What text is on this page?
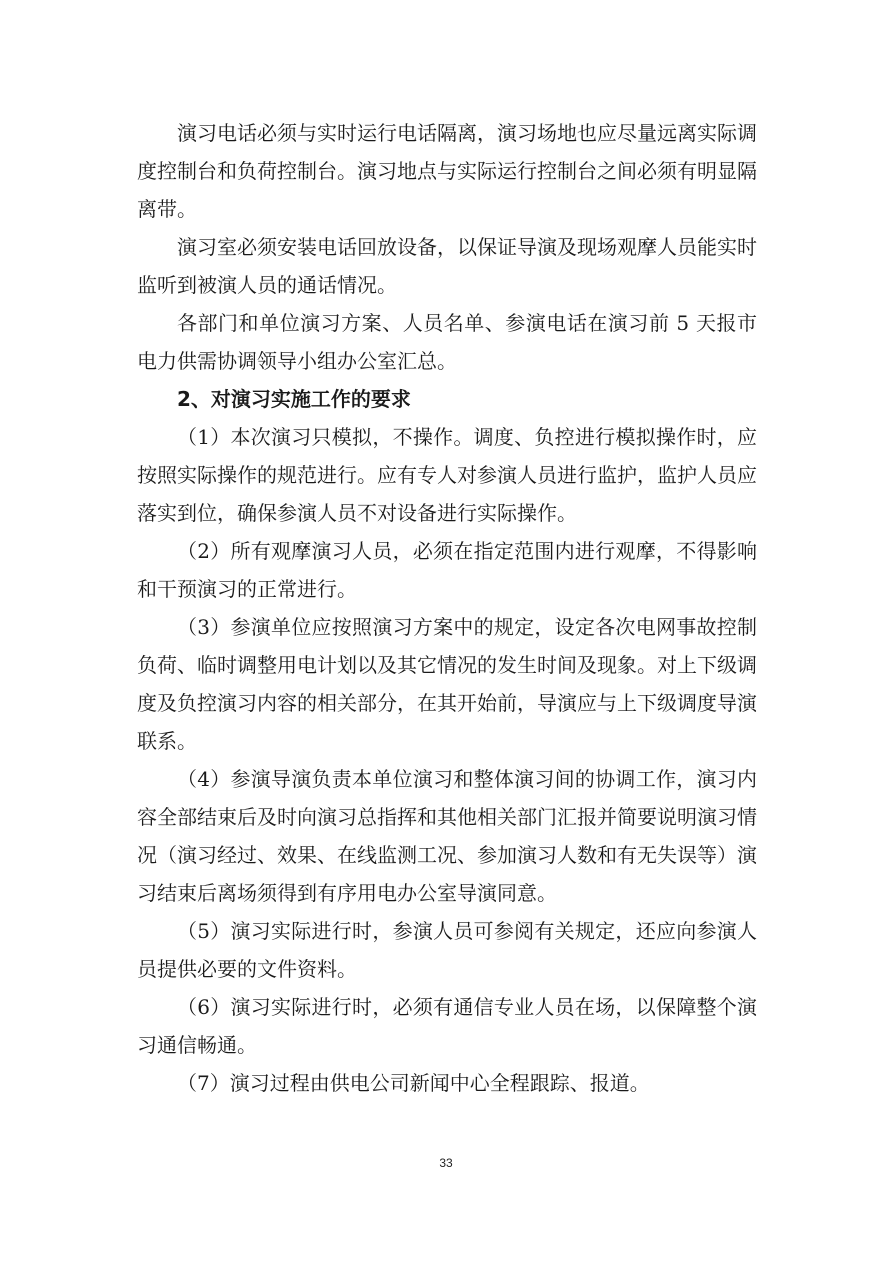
演习电话必须与实时运行电话隔离，演习场地也应尽量远离实际调度控制台和负荷控制台。演习地点与实际运行控制台之间必须有明显隔离带。

演习室必须安装电话回放设备，以保证导演及现场观摩人员能实时监听到被演人员的通话情况。

各部门和单位演习方案、人员名单、参演电话在演习前 5 天报市电力供需协调领导小组办公室汇总。

2、对演习实施工作的要求

（1）本次演习只模拟，不操作。调度、负控进行模拟操作时，应按照实际操作的规范进行。应有专人对参演人员进行监护，监护人员应落实到位，确保参演人员不对设备进行实际操作。

（2）所有观摩演习人员，必须在指定范围内进行观摩，不得影响和干预演习的正常进行。

（3）参演单位应按照演习方案中的规定，设定各次电网事故控制负荷、临时调整用电计划以及其它情况的发生时间及现象。对上下级调度及负控演习内容的相关部分，在其开始前，导演应与上下级调度导演联系。

（4）参演导演负责本单位演习和整体演习间的协调工作，演习内容全部结束后及时向演习总指挥和其他相关部门汇报并简要说明演习情况（演习经过、效果、在线监测工况、参加演习人数和有无失误等）演习结束后离场须得到有序用电办公室导演同意。

（5）演习实际进行时，参演人员可参阅有关规定，还应向参演人员提供必要的文件资料。

（6）演习实际进行时，必须有通信专业人员在场，以保障整个演习通信畅通。

（7）演习过程由供电公司新闻中心全程跟踪、报道。

33
